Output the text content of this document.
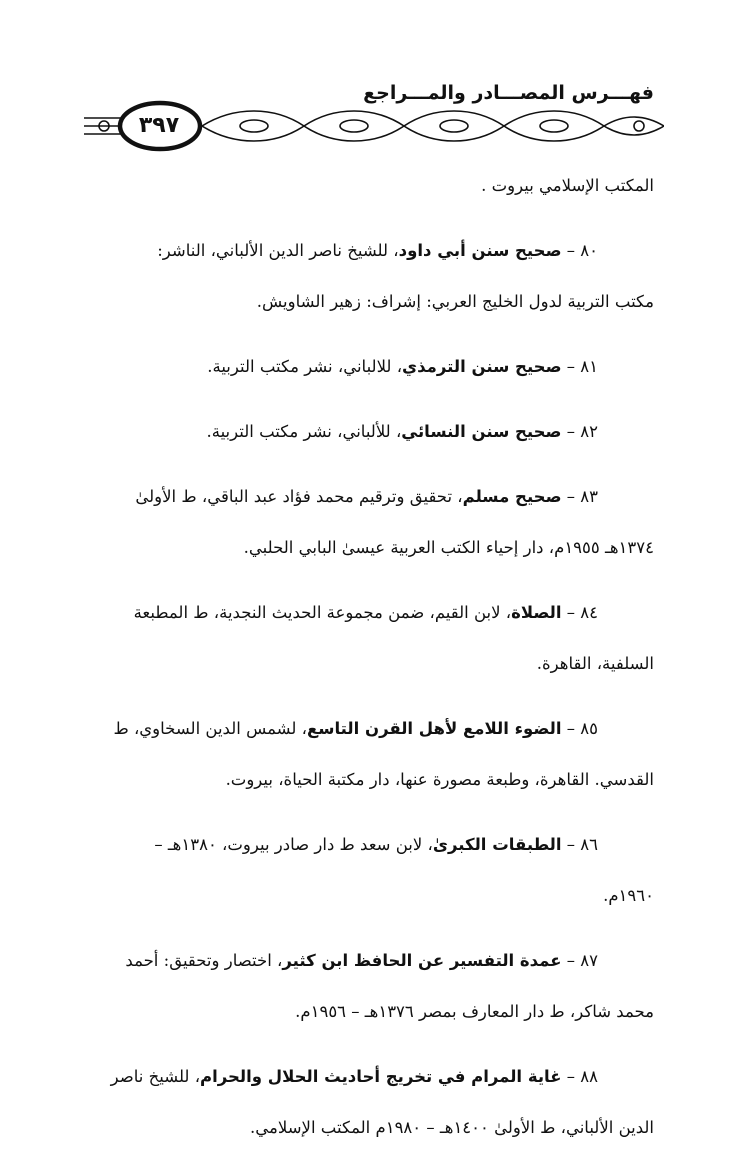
فهـــرس المصـــادر والمـــراجع
٣٩٧
المكتب الإسلامي بيروت .
٨٠ – صحيح سنن أبي داود، للشيخ ناصر الدين الألباني، الناشر:
مكتب التربية لدول الخليج العربي: إشراف: زهير الشاويش.
٨١ – صحيح سنن الترمذي، للالباني، نشر مكتب التربية.
٨٢ – صحيح سنن النسائي، للألباني، نشر مكتب التربية.
٨٣ – صحيح مسلم، تحقيق وترقيم محمد فؤاد عبد الباقي، ط الأولىٰ
١٣٧٤هـ ١٩٥٥م، دار إحياء الكتب العربية عيسىٰ البابي الحلبي.
٨٤ – الصلاة، لابن القيم، ضمن مجموعة الحديث النجدية، ط المطبعة
السلفية، القاهرة.
٨٥ – الضوء اللامع لأهل القرن التاسع، لشمس الدين السخاوي، ط
القدسي. القاهرة، وطبعة مصورة عنها، دار مكتبة الحياة، بيروت.
٨٦ – الطبقات الكبرىٰ، لابن سعد ط دار صادر بيروت، ١٣٨٠هـ –
١٩٦٠م.
٨٧ – عمدة التفسير عن الحافظ ابن كثير، اختصار وتحقيق: أحمد
محمد شاكر، ط دار المعارف بمصر ١٣٧٦هـ – ١٩٥٦م.
٨٨ – غاية المرام في تخريج أحاديث الحلال والحرام، للشيخ ناصر
الدين الألباني، ط الأولىٰ ١٤٠٠هـ – ١٩٨٠م المكتب الإسلامي.
